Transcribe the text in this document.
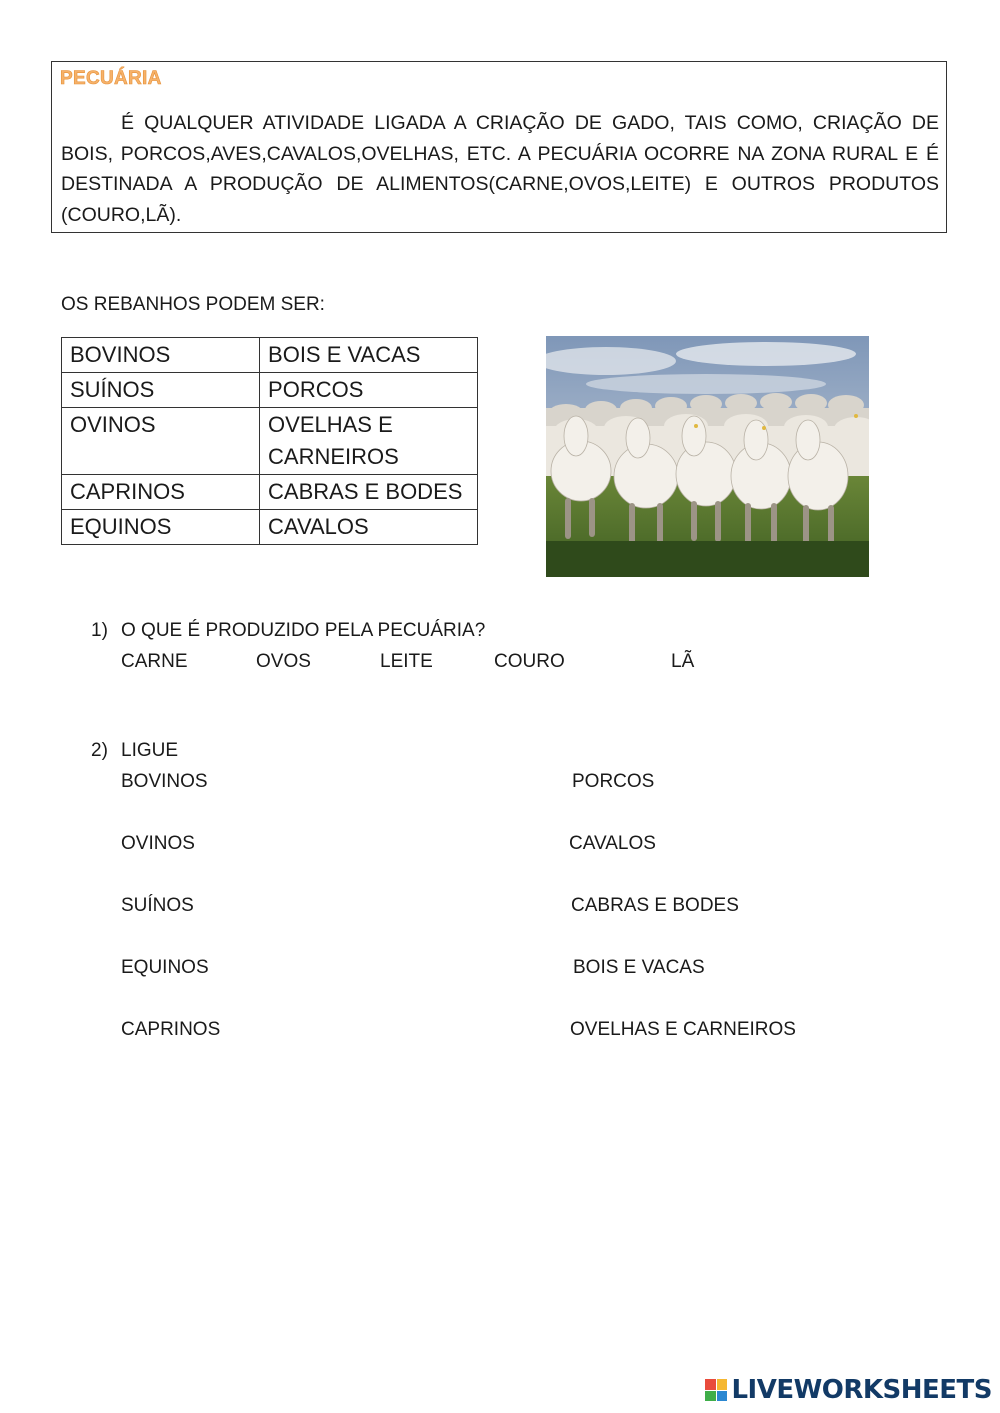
PECUÁRIA

É QUALQUER ATIVIDADE LIGADA A CRIAÇÃO DE GADO, TAIS COMO, CRIAÇÃO DE BOIS, PORCOS,AVES,CAVALOS,OVELHAS, ETC. A PECUÁRIA OCORRE NA ZONA RURAL E É DESTINADA A PRODUÇÃO DE ALIMENTOS(CARNE,OVOS,LEITE) E OUTROS PRODUTOS (COURO,LÃ).

OS REBANHOS PODEM SER:
BOVINOS	BOIS E VACAS
SUÍNOS	PORCOS
OVINOS	OVELHAS E CARNEIROS
CAPRINOS	CABRAS E BODES
EQUINOS	CAVALOS
1) O QUE É PRODUZIDO PELA PECUÁRIA?
CARNE	OVOS	LEITE	COURO	LÃ
2) LIGUE
BOVINOS
OVINOS
SUÍNOS
EQUINOS
CAPRINOS
PORCOS
CAVALOS
CABRAS E BODES
BOIS E VACAS
OVELHAS E CARNEIROS
LIVEWORKSHEETS
